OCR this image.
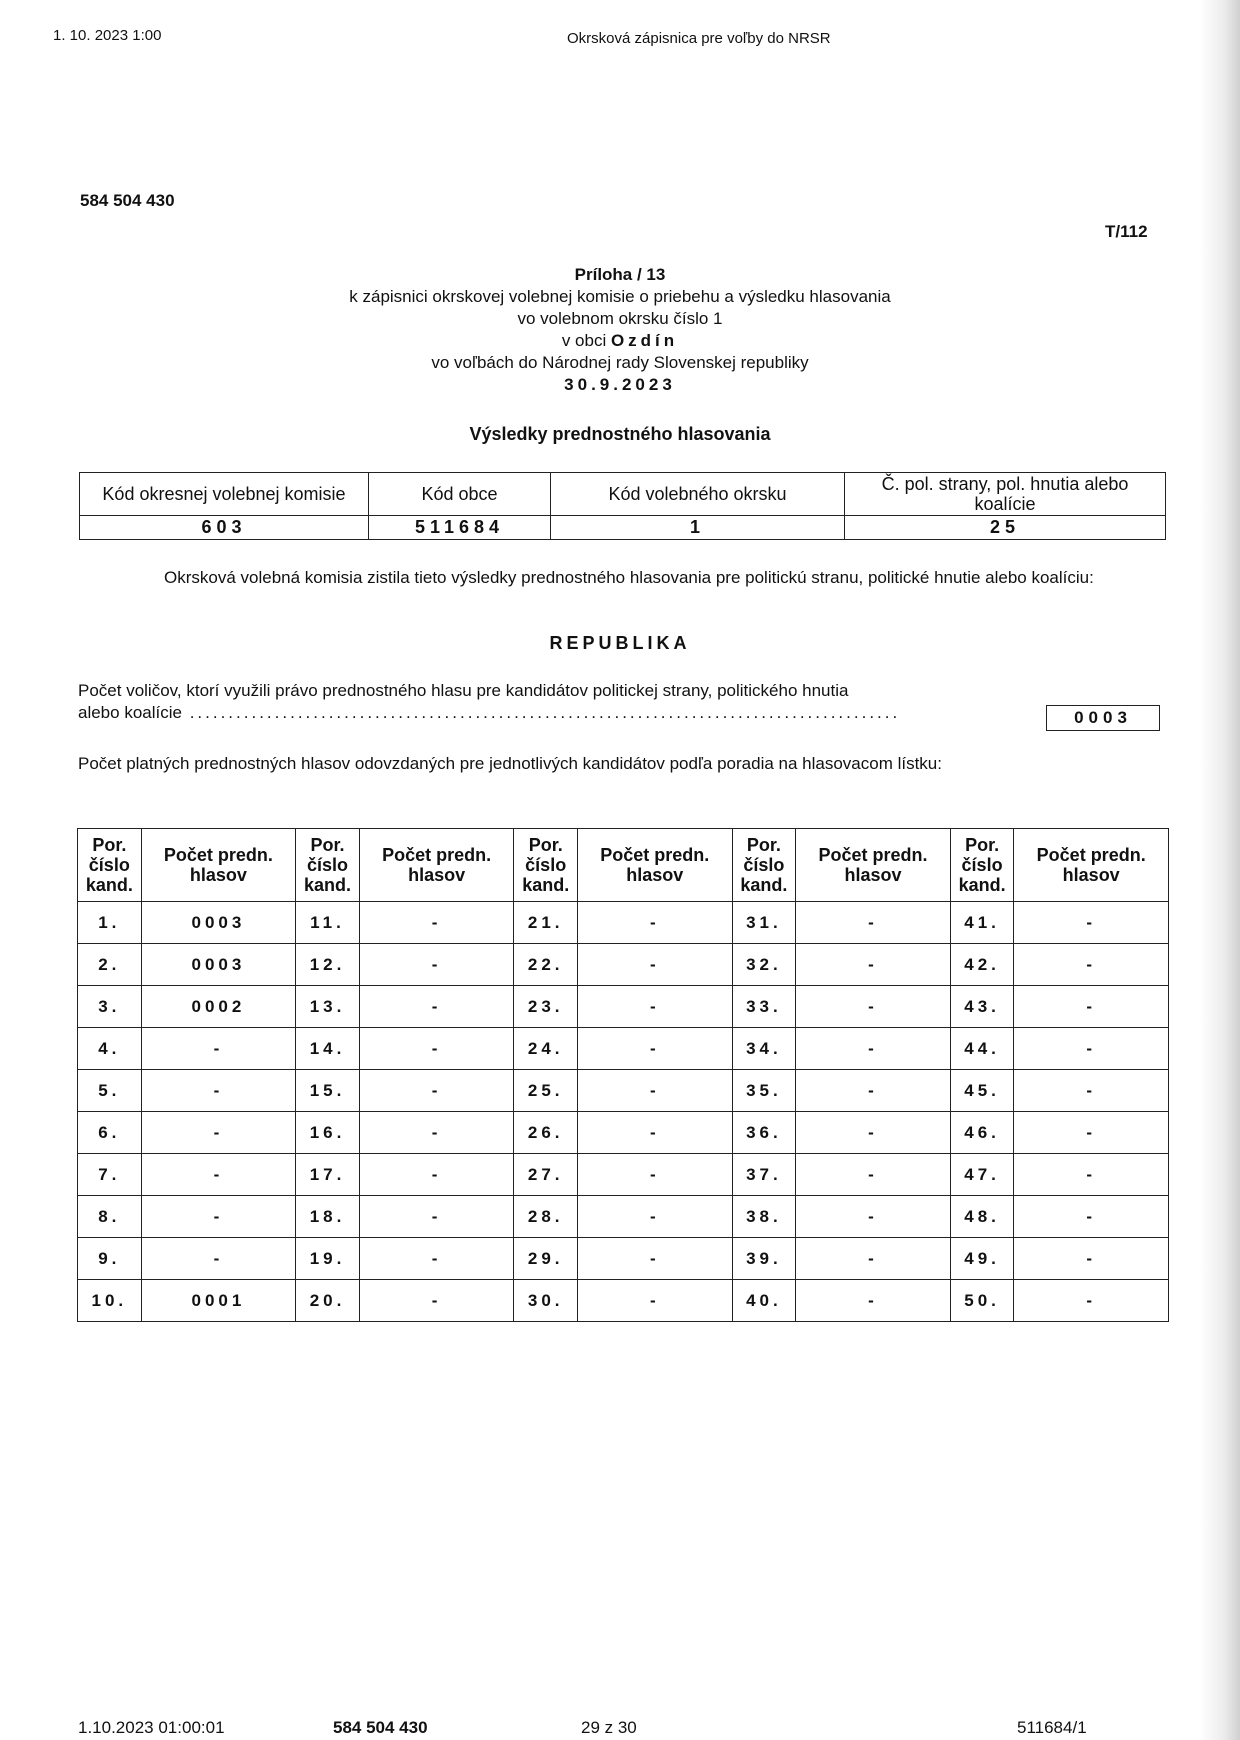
1. 10. 2023 1:00	Okrsková zápisnica pre voľby do NRSR
584 504 430
T/112
Príloha / 13
k zápisnici okrskovej volebnej komisie o priebehu a výsledku hlasovania
vo volebnom okrsku číslo 1
v obci Ozdín
vo voľbách do Národnej rady Slovenskej republiky
30.9.2023
Výsledky prednostného hlasovania
Kód okresnej volebnej komisie	Kód obce	Kód volebného okrsku	Č. pol. strany, pol. hnutia alebo koalície
603	511684	1	25
Okrsková volebná komisia zistila tieto výsledky prednostného hlasovania pre politickú stranu, politické hnutie alebo koalíciu:
REPUBLIKA
Počet voličov, ktorí využili právo prednostného hlasu pre kandidátov politickej strany, politického hnutia
alebo koalície ............................................................................................	0003
Počet platných prednostných hlasov odovzdaných pre jednotlivých kandidátov podľa poradia na hlasovacom lístku:
Por. číslo kand.	Počet predn. hlasov	Por. číslo kand.	Počet predn. hlasov	Por. číslo kand.	Počet predn. hlasov	Por. číslo kand.	Počet predn. hlasov	Por. číslo kand.	Počet predn. hlasov
1.	0003	11.	-	21.	-	31.	-	41.	-
2.	0003	12.	-	22.	-	32.	-	42.	-
3.	0002	13.	-	23.	-	33.	-	43.	-
4.	-	14.	-	24.	-	34.	-	44.	-
5.	-	15.	-	25.	-	35.	-	45.	-
6.	-	16.	-	26.	-	36.	-	46.	-
7.	-	17.	-	27.	-	37.	-	47.	-
8.	-	18.	-	28.	-	38.	-	48.	-
9.	-	19.	-	29.	-	39.	-	49.	-
10.	0001	20.	-	30.	-	40.	-	50.	-
1.10.2023 01:00:01	584 504 430	29 z 30	511684/1
